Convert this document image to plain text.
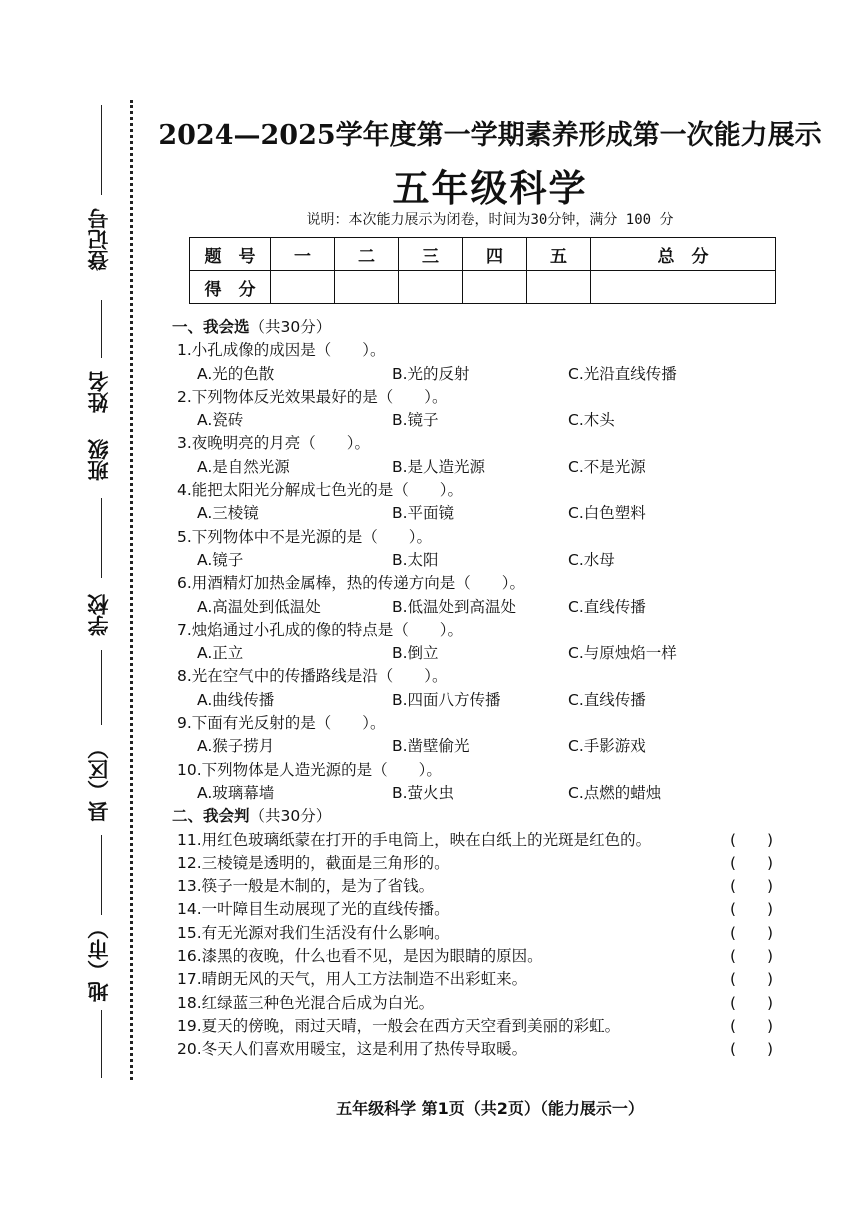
登记号
姓名
班级
学校
县（区）
地（市）
2024—2025学年度第一学期素养形成第一次能力展示
五年级科学
说明：本次能力展示为闭卷，时间为30分钟，满分 100 分
题　号	一	二	三	四	五	总　分
得　分						
一、我会选（共30分）
1.小孔成像的成因是（　　）。
A.光的色散	B.光的反射	C.光沿直线传播
2.下列物体反光效果最好的是（　　）。
A.瓷砖	B.镜子	C.木头
3.夜晚明亮的月亮（　　）。
A.是自然光源	B.是人造光源	C.不是光源
4.能把太阳光分解成七色光的是（　　）。
A.三棱镜	B.平面镜	C.白色塑料
5.下列物体中不是光源的是（　　）。
A.镜子	B.太阳	C.水母
6.用酒精灯加热金属棒，热的传递方向是（　　）。
A.高温处到低温处	B.低温处到高温处	C.直线传播
7.烛焰通过小孔成的像的特点是（　　）。
A.正立	B.倒立	C.与原烛焰一样
8.光在空气中的传播路线是沿（　　）。
A.曲线传播	B.四面八方传播	C.直线传播
9.下面有光反射的是（　　）。
A.猴子捞月	B.凿壁偷光	C.手影游戏
10.下列物体是人造光源的是（　　）。
A.玻璃幕墙	B.萤火虫	C.点燃的蜡烛
二、我会判（共30分）
11.用红色玻璃纸蒙在打开的手电筒上，映在白纸上的光斑是红色的。	(　　)
12.三棱镜是透明的，截面是三角形的。	(　　)
13.筷子一般是木制的，是为了省钱。	(　　)
14.一叶障目生动展现了光的直线传播。	(　　)
15.有无光源对我们生活没有什么影响。	(　　)
16.漆黑的夜晚，什么也看不见，是因为眼睛的原因。	(　　)
17.晴朗无风的天气，用人工方法制造不出彩虹来。	(　　)
18.红绿蓝三种色光混合后成为白光。	(　　)
19.夏天的傍晚，雨过天晴，一般会在西方天空看到美丽的彩虹。	(　　)
20.冬天人们喜欢用暖宝，这是利用了热传导取暖。	(　　)
五年级科学 第1页（共2页）（能力展示一）
